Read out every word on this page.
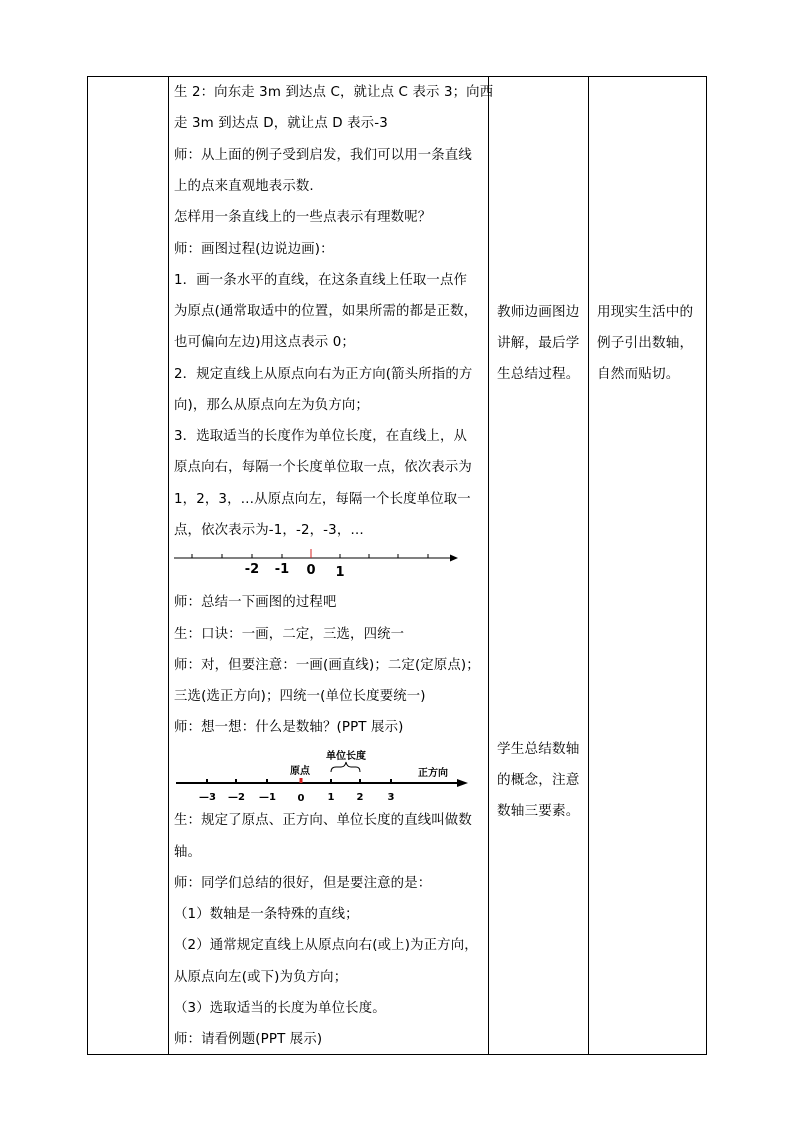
生 2：向东走 3m 到达点 C，就让点 C 表示 3；向西
走 3m 到达点 D，就让点 D 表示-3
师：从上面的例子受到启发，我们可以用一条直线
上的点来直观地表示数.
怎样用一条直线上的一些点表示有理数呢？
师：画图过程(边说边画)：
1．画一条水平的直线，在这条直线上任取一点作
为原点(通常取适中的位置，如果所需的都是正数，
也可偏向左边)用这点表示 0；
2．规定直线上从原点向右为正方向(箭头所指的方
向)，那么从原点向左为负方向；
3．选取适当的长度作为单位长度，在直线上，从
原点向右，每隔一个长度单位取一点，依次表示为
1，2，3，…从原点向左，每隔一个长度单位取一
点，依次表示为-1，-2，-3，…
-2 -1 0 1
师：总结一下画图的过程吧
生：口诀：一画，二定，三选，四统一
师：对，但要注意：一画(画直线)；二定(定原点)；
三选(选正方向)；四统一(单位长度要统一)
师：想一想：什么是数轴？(PPT 展示)
单位长度
原点	正方向
—3 —2 —1 0 1 2 3
生：规定了原点、正方向、单位长度的直线叫做数
轴。
师：同学们总结的很好，但是要注意的是：
（1）数轴是一条特殊的直线；
（2）通常规定直线上从原点向右(或上)为正方向，
从原点向左(或下)为负方向；
（3）选取适当的长度为单位长度。
师：请看例题(PPT 展示)
教师边画图边
讲解，最后学
生总结过程。
学生总结数轴
的概念，注意
数轴三要素。
用现实生活中的
例子引出数轴，
自然而贴切。
